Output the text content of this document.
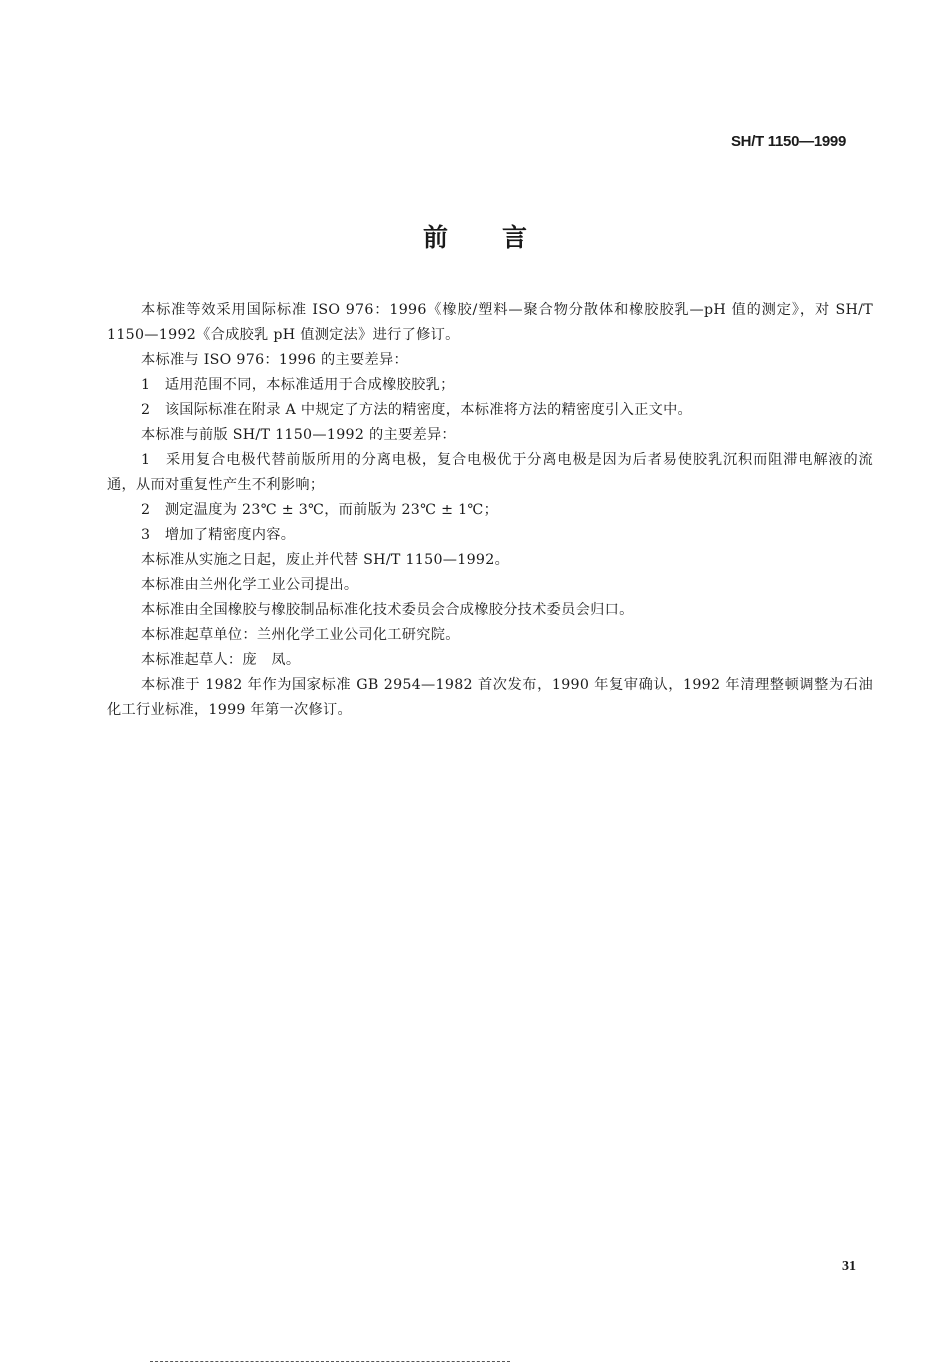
SH/T 1150—1999
前言

本标准等效采用国际标准 ISO 976：1996《橡胶/塑料—聚合物分散体和橡胶胶乳—pH 值的测定》，对 SH/T 1150—1992《合成胶乳 pH 值测定法》进行了修订。

本标准与 ISO 976：1996 的主要差异：

1　适用范围不同，本标准适用于合成橡胶胶乳；

2　该国际标准在附录 A 中规定了方法的精密度，本标准将方法的精密度引入正文中。

本标准与前版 SH/T 1150—1992 的主要差异：

1　采用复合电极代替前版所用的分离电极，复合电极优于分离电极是因为后者易使胶乳沉积而阻滞电解液的流通，从而对重复性产生不利影响；

2　测定温度为 23℃ ± 3℃，而前版为 23℃ ± 1℃；

3　增加了精密度内容。

本标准从实施之日起，废止并代替 SH/T 1150—1992。

本标准由兰州化学工业公司提出。

本标准由全国橡胶与橡胶制品标准化技术委员会合成橡胶分技术委员会归口。

本标准起草单位：兰州化学工业公司化工研究院。

本标准起草人：庞　凤。

本标准于 1982 年作为国家标准 GB 2954—1982 首次发布，1990 年复审确认，1992 年清理整顿调整为石油化工行业标准，1999 年第一次修订。

31
